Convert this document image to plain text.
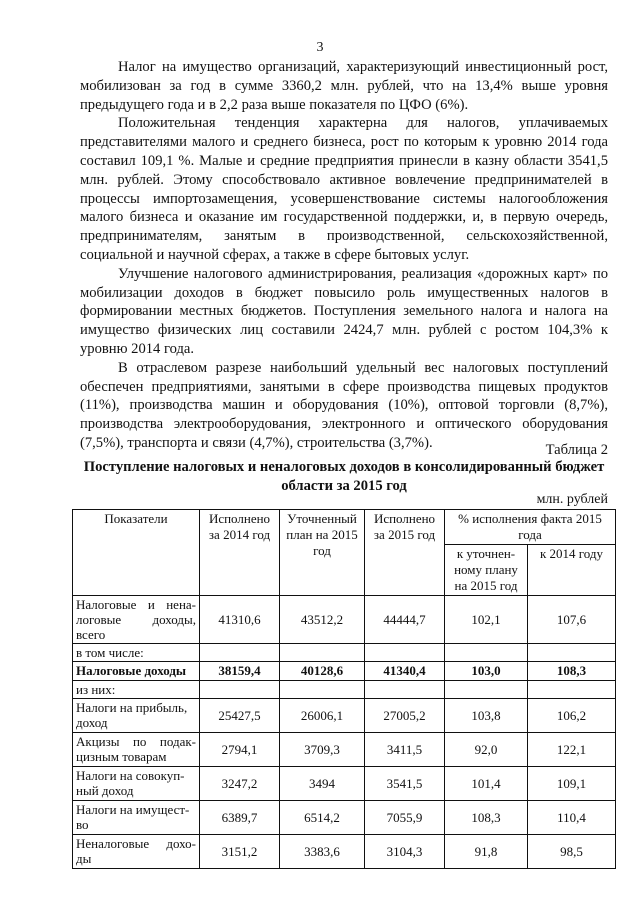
3

Налог на имущество организаций, характеризующий инвестиционный рост, мобилизован за год в сумме 3360,2 млн. рублей, что на 13,4% выше уровня предыдущего года и в 2,2 раза выше показателя по ЦФО (6%).

Положительная тенденция характерна для налогов, уплачиваемых представителями малого и среднего бизнеса, рост по которым к уровню 2014 года составил 109,1 %. Малые и средние предприятия принесли в казну области 3541,5 млн. рублей. Этому способствовало активное вовлечение предпринимателей в процессы импортозамещения, усовершенствование системы налогообложения малого бизнеса и оказание им государственной поддержки, и, в первую очередь, предпринимателям, занятым в производственной, сельскохозяйственной, социальной и научной сферах, а также в сфере бытовых услуг.

Улучшение налогового администрирования, реализация «дорожных карт» по мобилизации доходов в бюджет повысило роль имущественных налогов в формировании местных бюджетов. Поступления земельного налога и налога на имущество физических лиц составили 2424,7 млн. рублей с ростом 104,3% к уровню 2014 года.

В отраслевом разрезе наибольший удельный вес налоговых поступлений обеспечен предприятиями, занятыми в сфере производства пищевых продуктов (11%), производства машин и оборудования (10%), оптовой торговли (8,7%), производства электрооборудования, электронного и оптического оборудования (7,5%), транспорта и связи (4,7%), строительства (3,7%).	Таблица 2
Поступление налоговых и неналоговых доходов в консолидированный бюджет области за 2015 год
млн. рублей
Показатели	Исполнено за 2014 год	Уточненный план на 2015 год	Исполнено за 2015 год	% исполнения факта 2015 года	
				к уточнен-ному плану на 2015 год	к 2014 году
Налоговые и нена-логовые доходы, всего	41310,6	43512,2	44444,7	102,1	107,6
в том числе:					
Налоговые доходы	38159,4	40128,6	41340,4	103,0	108,3
из них:					
Налоги на прибыль, доход	25427,5	26006,1	27005,2	103,8	106,2
Акцизы по подак-цизным товарам	2794,1	3709,3	3411,5	92,0	122,1
Налоги на совокуп-ный доход	3247,2	3494	3541,5	101,4	109,1
Налоги на имущест-во	6389,7	6514,2	7055,9	108,3	110,4
Неналоговые дохо-ды	3151,2	3383,6	3104,3	91,8	98,5
